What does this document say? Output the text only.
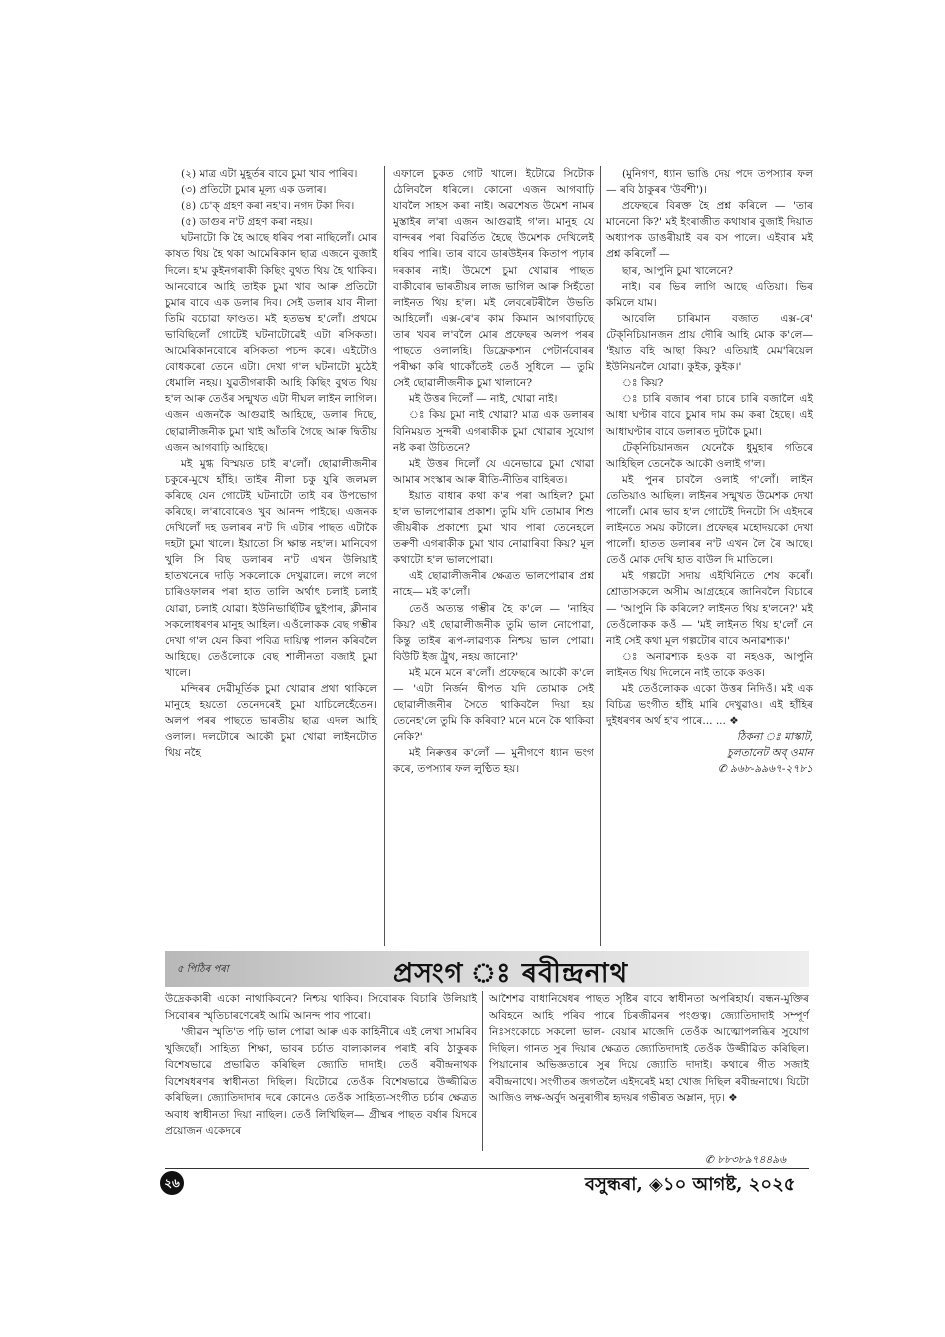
(২) মাত্ৰ এটা মুহূৰ্তৰ বাবে চুমা খাব পাৰিব।

(৩) প্ৰতিটো চুমাৰ মূল্য এক ডলাৰ।

(৪) চে'ক্ গ্ৰহণ কৰা নহ'ব। নগদ টকা দিব।

(৫) ডাগুৰ ন'ট গ্ৰহণ কৰা নহয়।

ঘটনাটো কি হৈ আছে ধৰিব পৰা নাছিলোঁ। মোৰ কাষত থিয় হৈ থকা আমেৰিকান ছাত্ৰ এজনে বুজাই দিলে। হ'ম কুইনগৰাকী কিছিং বুথত থিয় হৈ থাকিব। আনবোৰে আহি তাইক চুমা খাব আৰু প্ৰতিটো চুমাৰ বাবে এক ডলাৰ দিব। সেই ডলাৰ যাব নীলা তিমি বচোৱা ফাণ্ডত। মই হতভম্ব হ'লোঁ। প্ৰথমে ভাবিছিলোঁ গোটেই ঘটনাটোৱেই এটা ৰসিকতা। আমেৰিকানবোৰে ৰসিকতা পচন্দ কৰে। এইটোও বোধকৰো তেনে এটা। দেখা গ'ল ঘটনাটো মুঠেই ধেমালি নহয়। যুৱতীগৰাকী আহি কিছিং বুথত থিয় হ'ল আৰু তেওঁৰ সন্মুখত এটা দীঘল লাইন লাগিল। এজন এজনকৈ আগুৱাই আহিছে, ডলাৰ দিছে, ছোৱালীজনীক চুমা খাই আঁতৰি গৈছে আৰু দ্বিতীয় এজন আগবাঢ়ি আহিছে।

মই মুগ্ধ বিস্ময়ত চাই ৰ'লোঁ। ছোৱালীজনীৰ চকুৰে-মুখে হাঁহি। তাইৰ নীলা চকু যুৰি জলমল কৰিছে যেন গোটেই ঘটনাটো তাই বৰ উপভোগ কৰিছে। ল'ৰাবোৰেও খুব আনন্দ পাইছে। এজনক দেখিলোঁ দহ ডলাৰৰ ন'ট দি এটাৰ পাছত এটাকৈ দহটা চুমা খালে। ইয়াতো সি ক্ষান্ত নহ'ল। মানিবেগ খুলি সি বিছ ডলাৰৰ ন'ট এখন উলিয়াই হাতখনেৰে দাড়ি সকলোকে দেখুৱালে। লগে লগে চাৰিওফালৰ পৰা হাত তালি অৰ্থাৎ চলাই চলাই যোৱা, চলাই যোৱা। ইউনিভাৰ্ছিটিৰ ছুইপাৰ, ক্লীনাৰ সকলোধৰণৰ মানুহ আহিল। এওঁলোকক বেছ গম্ভীৰ দেখা গ'ল যেন কিবা পবিত্ৰ দায়িত্ব পালন কৰিবলৈ আহিছে। তেওঁলোকে বেছ শালীনতা বজাই চুমা খালে।

মন্দিৰৰ দেৱীমূৰ্তিক চুমা খোৱাৰ প্ৰথা থাকিলে মানুহে হয়তো তেনেদৰেই চুমা যাচিলেহেঁতেন। অলপ পৰৰ পাছতে ভাৰতীয় ছাত্ৰ এদল আহি ওলাল। দলটোৰে আকৌ চুমা খোৱা লাইনটোত থিয় নহৈ

এফালে চুকত গোট খালে। ইটোৱে সিটোক ঠেলিবলৈ ধৰিলে। কোনো এজন আগবাঢ়ি যাবলৈ সাহস কৰা নাই। অৱশেষত উমেশ নামৰ মুস্তাইৰ ল'ৰা এজন আগুৱাই গ'ল। মানুহ যে বান্দৰৰ পৰা বিৱৰ্তিত হৈছে উমেশক দেখিলেই ধৰিব পাৰি। তাৰ বাবে ডাৰউইনৰ কিতাপ পঢ়াৰ দৰকাৰ নাই। উমেশে চুমা খোৱাৰ পাছত বাকীবোৰ ভাৰতীয়ৰ লাজ ভাগিল আৰু সিহঁতো লাইনত থিয় হ'ল। মই লেবৰেটৰীলৈ উভতি আহিলোঁ। এক্স-ৰে'ৰ কাম কিমান আগবাঢ়িছে তাৰ খবৰ ল'বলৈ মোৰ প্ৰফেছৰ অলপ পৰৰ পাছতে ওলালহি। ডিফ্ৰেকশ্যন পেটাৰ্নবোৰৰ পৰীক্ষা কৰি থাকোঁতেই তেওঁ সুধিলে — তুমি সেই ছোৱালীজনীক চুমা খালানে?

মই উত্তৰ দিলোঁ — নাই, খোৱা নাই।

ঃ কিয় চুমা নাই খোৱা? মাত্ৰ এক ডলাৰৰ বিনিময়ত সুন্দৰী এগৰাকীক চুমা খোৱাৰ সুযোগ নষ্ট কৰা উচিতনে?

মই উত্তৰ দিলোঁ যে এনেভাৱে চুমা খোৱা আমাৰ সংস্কাৰ আৰু ৰীতি-নীতিৰ বাহিৰত।

ইয়াত বাধাৰ কথা ক'ৰ পৰা আহিল? চুমা হ'ল ভালপোৱাৰ প্ৰকাশ। তুমি যদি তোমাৰ শিশু জীয়ৰীক প্ৰকাশ্যে চুমা খাব পাৰা তেনেহলে তৰুণী এগৰাকীক চুমা খাব নোৱাৰিবা কিয়? মূল কথাটো হ'ল ভালপোৱা।

এই ছোৱালীজনীৰ ক্ষেত্ৰত ভালপোৱাৰ প্ৰশ্ন নাহে— মই ক'লোঁ।

তেওঁ অত্যন্ত গম্ভীৰ হৈ ক'লে — 'নাহিব কিয়? এই ছোৱালীজনীক তুমি ভাল নোপোৱা, কিন্তু তাইৰ ৰূপ-লাৱণ্যক নিশ্চয় ভাল পোৱা। বিউটি ইজ ট্ৰুথ, নহয় জানো?'

মই মনে মনে ৰ'লোঁ। প্ৰফেছৰে আকৌ ক'লে — 'এটা নিৰ্জন দ্বীপত যদি তোমাক সেই ছোৱালীজনীৰ সৈতে থাকিবলৈ দিয়া হয় তেনেহ'লে তুমি কি কৰিবা? মনে মনে কৈ থাকিবা নেকি?'

মই নিৰুত্তৰ ক'লোঁ — মুনীগণে ধ্যান ভংগ কৰে, তপস্যাৰ ফল লুণ্ঠিত হয়।

(মুনিগণ, ধ্যান ভাঙি দেয় পদে তপস্যাৰ ফল — ৰবি ঠাকুৰৰ 'উৰ্বশী')।

প্ৰফেছৰে বিৰক্ত হৈ প্ৰশ্ন কৰিলে — 'তাৰ মানেনো কি?' মই ইংৰাজীত কথাষাৰ বুজাই দিয়াত অধ্যাপক ডাঙৰীয়াই বৰ বস পালে। এইবাৰ মই প্ৰশ্ন কৰিলোঁ —

ছাৰ, আপুনি চুমা খালেনে?

নাই। বৰ ভিৰ লাগি আছে এতিয়া। ভিৰ কমিলে যাম।

আবেলি চাৰিমান বজাত এক্স-ৰে' টেক্‌নিচিয়ানজন প্ৰায় দৌৰি আহি মোক ক'লে— 'ইয়াত বহি আছা কিয়? এতিয়াই মেম'ৰিয়েল ইউনিয়নলৈ যোৱা। কুইক, কুইক।'

ঃ কিয়?

ঃ চাৰি বজাৰ পৰা চাৰে চাৰি বজালৈ এই আধা ঘণ্টাৰ বাবে চুমাৰ দাম কম কৰা হৈছে। এই আধাঘণ্টাৰ বাবে ডলাৰত দুটাকৈ চুমা।

টেক্‌নিচিয়ানজন যেনেকৈ ধুমুহাৰ গতিৰে আহিছিল তেনেকৈ আকৌ ওলাই গ'ল।

মই পুনৰ চাবলৈ ওলাই গ'লোঁ। লাইন তেতিয়াও আছিল। লাইনৰ সন্মুখত উমেশক দেখা পালোঁ। মোৰ ভাব হ'ল গোটেই দিনটো সি এইদৰে লাইনতে সময় কটালে। প্ৰফেছৰ মহোদয়কো দেখা পালোঁ। হাতত ডলাৰৰ ন'ট এখন লৈ ৰৈ আছে। তেওঁ মোক দেখি হাত বাউল দি মাতিলে।

মই গল্পটো সদায় এইখিনিতে শেষ কৰোঁ। শ্ৰোতাসকলে অসীম আগ্ৰহেৰে জানিবলৈ বিচাৰে — 'আপুনি কি কৰিলে? লাইনত থিয় হ'লনে?' মই তেওঁলোকক কওঁ — 'মই লাইনত থিয় হ'লোঁ নে নাই সেই কথা মূল গল্পটোৰ বাবে অনাৱশ্যক।'

ঃ অনাৱশ্যক হওক বা নহওক, আপুনি লাইনত থিয় দিলেনে নাই তাকে কওক।

মই তেওঁলোকক একো উত্তৰ নিদিওঁ। মই এক বিচিত্ৰ ভংগীত হাঁহি মাৰি দেখুৱাও। এই হাঁহিৰ দুইধৰণৰ অৰ্থ হ'ব পাৰে... ... ❖

ঠিকনা ঃ মাস্কাট,

চুলতানেট অব্ ওমান

✆ ৯৬৮-৯৯৬৭-২৭৮১

৫ পিঠিৰ পৰা	প্ৰসংগ ঃ ৰবীন্দ্ৰনাথ

উদ্ৰেককাৰী একো নাথাকিবনে? নিশ্চয় থাকিব। সিবোৰক বিচাৰি উলিয়াই সিবোৰৰ স্মৃতিচাৰণেৰেই আমি আনন্দ পাব পাৰো।

'জীৱন স্মৃতি'ত পঢ়ি ভাল পোৱা আৰু এক কাহিনীৰে এই লেখা সামৰিব খুজিছোঁ। সাহিত্য শিক্ষা, ভাবৰ চৰ্চাত বাল্যকালৰ পৰাই ৰবি ঠাকুৰক বিশেষভাৱে প্ৰভাৱিত কৰিছিল জ্যোতি দাদাই। তেওঁ ৰবীন্দ্ৰনাথক বিশেষধৰণৰ স্বাধীনতা দিছিল। যিটোৱে তেওঁক বিশেষভাৱে উজ্জীৱিত কৰিছিল। জ্যোতিদাদাৰ দৰে কোনেও তেওঁক সাহিত্য-সংগীত চৰ্চাৰ ক্ষেত্ৰত অবাধ স্বাধীনতা দিয়া নাছিল। তেওঁ লিখিছিল— গ্ৰীষ্মৰ পাছত বৰ্ষাৰ যিদৰে প্ৰয়োজন একেদৰে

আশৈশৱ বাধানিষেধৰ পাছত সৃষ্টিৰ বাবে স্বাধীনতা অপৰিহাৰ্য। বন্ধন-মুক্তিৰ অবিহনে আহি পৰিব পাৰে চিৰজীৱনৰ পংগুত্ব। জ্যোতিদাদাই সম্পূৰ্ণ নিঃসংকোচে সকলো ভাল- বেয়াৰ মাজেদি তেওঁক আত্মোপলব্ধিৰ সুযোগ দিছিল। গানত সুৰ দিয়াৰ ক্ষেত্ৰত জ্যোতিদাদাই তেওঁক উজ্জীৱিত কৰিছিল। পিয়ানোৰ অভিজ্ঞতাৰে সুৰ দিয়ে জ্যোতি দাদাই। কথাৰে গীত সজাই ৰবীন্দ্ৰনাথে। সংগীতৰ জগতলৈ এইদৰেই মহা খোজ দিছিল ৰবীন্দ্ৰনাথে। যিটো আজিও লক্ষ-অৰ্বুদ অনুৰাগীৰ হৃদয়ৰ গভীৰত অম্লান, দৃঢ়। ❖

✆ ৮৮৩৮৯৭৪৪৯৬
২৬	বসুন্ধৰা, ◈১০ আগষ্ট, ২০২৫
